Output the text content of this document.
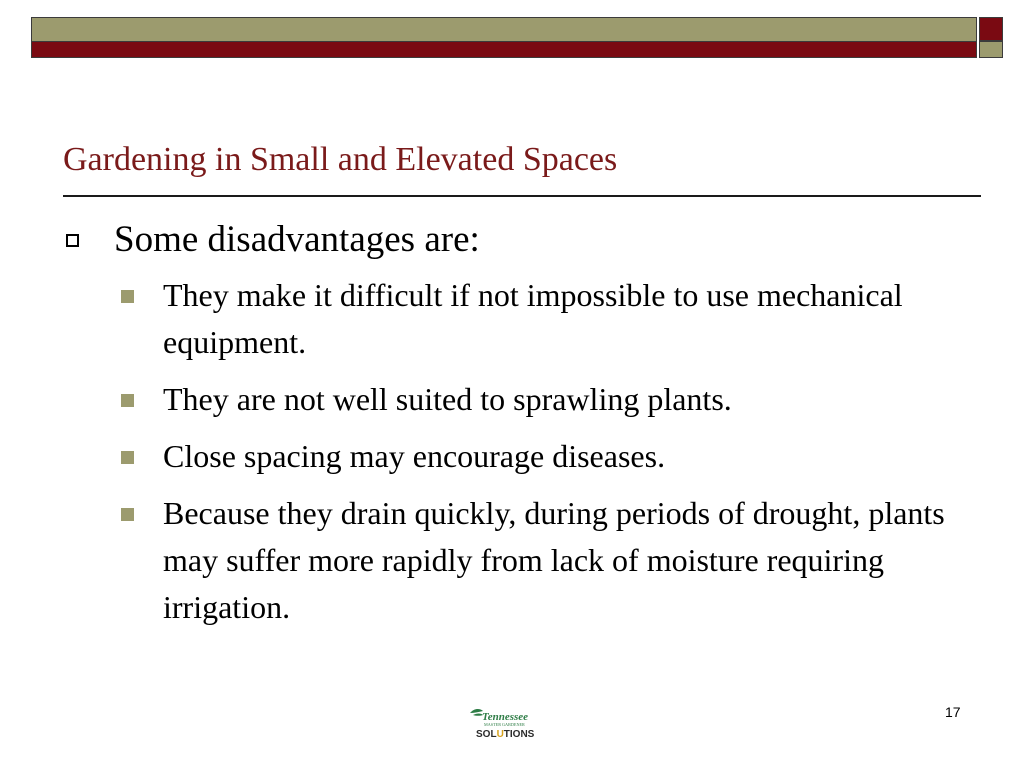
Gardening in Small and Elevated Spaces
Some disadvantages are:
They make it difficult if not impossible to use mechanical equipment.
They are not well suited to sprawling plants.
Close spacing may encourage diseases.
Because they drain quickly, during periods of drought, plants may suffer more rapidly from lack of moisture requiring irrigation.
Tennessee
MASTER GARDENER
SOLUTIONS
17
